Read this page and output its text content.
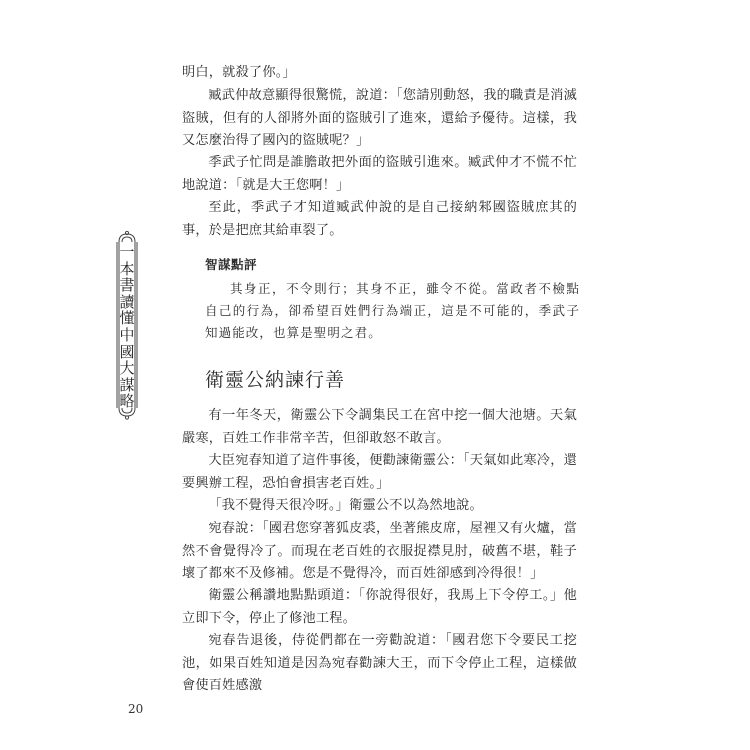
一
本
書
讀
懂
中
國
大
謀
略

明白，就殺了你。」

臧武仲故意顯得很驚慌，說道：「您請別動怒，我的職責是消滅盜賊，但有的人卻將外面的盜賊引了進來，還給予優待。這樣，我又怎麼治得了國內的盜賊呢？」

季武子忙問是誰膽敢把外面的盜賊引進來。臧武仲才不慌不忙地說道：「就是大王您啊！」

至此，季武子才知道臧武仲說的是自己接納邾國盜賊庶其的事，於是把庶其給車裂了。

智謀點評

其身正，不令則行；其身不正，雖令不從。當政者不檢點自己的行為，卻希望百姓們行為端正，這是不可能的，季武子知過能改，也算是聖明之君。

衛靈公納諫行善

有一年冬天，衛靈公下令調集民工在宮中挖一個大池塘。天氣嚴寒，百姓工作非常辛苦，但卻敢怒不敢言。

大臣宛春知道了這件事後，便勸諫衛靈公：「天氣如此寒冷，還要興辦工程，恐怕會損害老百姓。」

「我不覺得天很冷呀。」衛靈公不以為然地說。

宛春說：「國君您穿著狐皮裘，坐著熊皮席，屋裡又有火爐，當然不會覺得冷了。而現在老百姓的衣服捉襟見肘，破舊不堪，鞋子壞了都來不及修補。您是不覺得冷，而百姓卻感到冷得很！」

衛靈公稱讚地點點頭道：「你說得很好，我馬上下令停工。」他立即下令，停止了修池工程。

宛春告退後，侍從們都在一旁勸說道：「國君您下令要民工挖池，如果百姓知道是因為宛春勸諫大王，而下令停止工程，這樣做會使百姓感激

20
